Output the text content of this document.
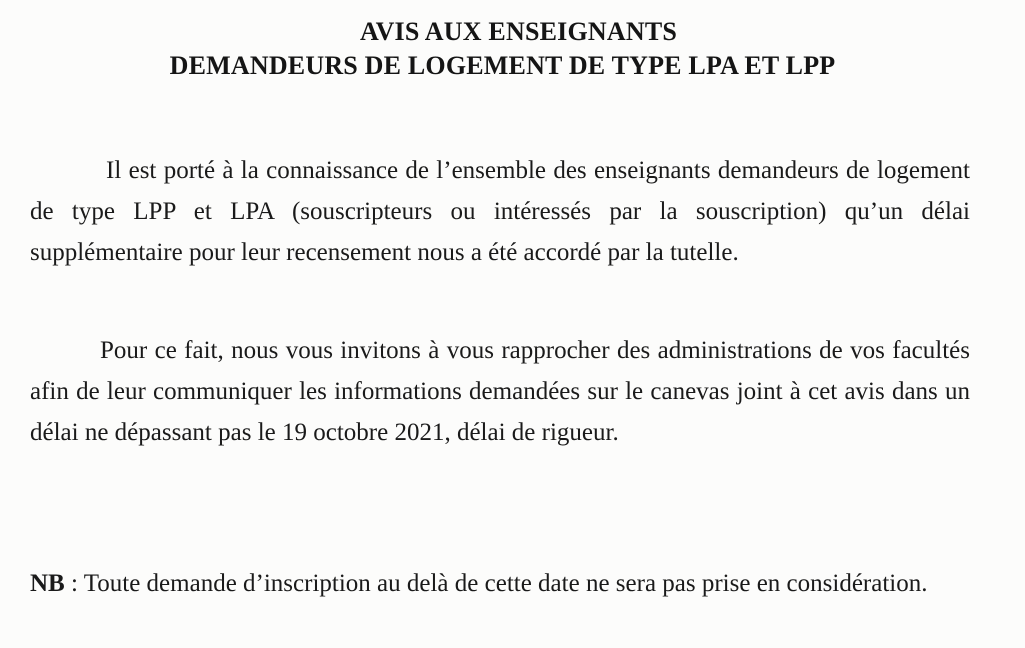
AVIS AUX ENSEIGNANTS
DEMANDEURS DE LOGEMENT DE TYPE LPA ET LPP
Il est porté à la connaissance de l’ensemble des enseignants demandeurs de logement de type LPP et LPA (souscripteurs ou intéressés par la souscription) qu’un délai supplémentaire pour leur recensement nous a été accordé par la tutelle.
Pour ce fait, nous vous invitons à vous rapprocher des administrations de vos facultés afin de leur communiquer les informations demandées sur le canevas joint à cet avis dans un délai ne dépassant pas le 19 octobre 2021, délai de rigueur.
NB : Toute demande d’inscription au delà de cette date ne sera pas prise en considération.
